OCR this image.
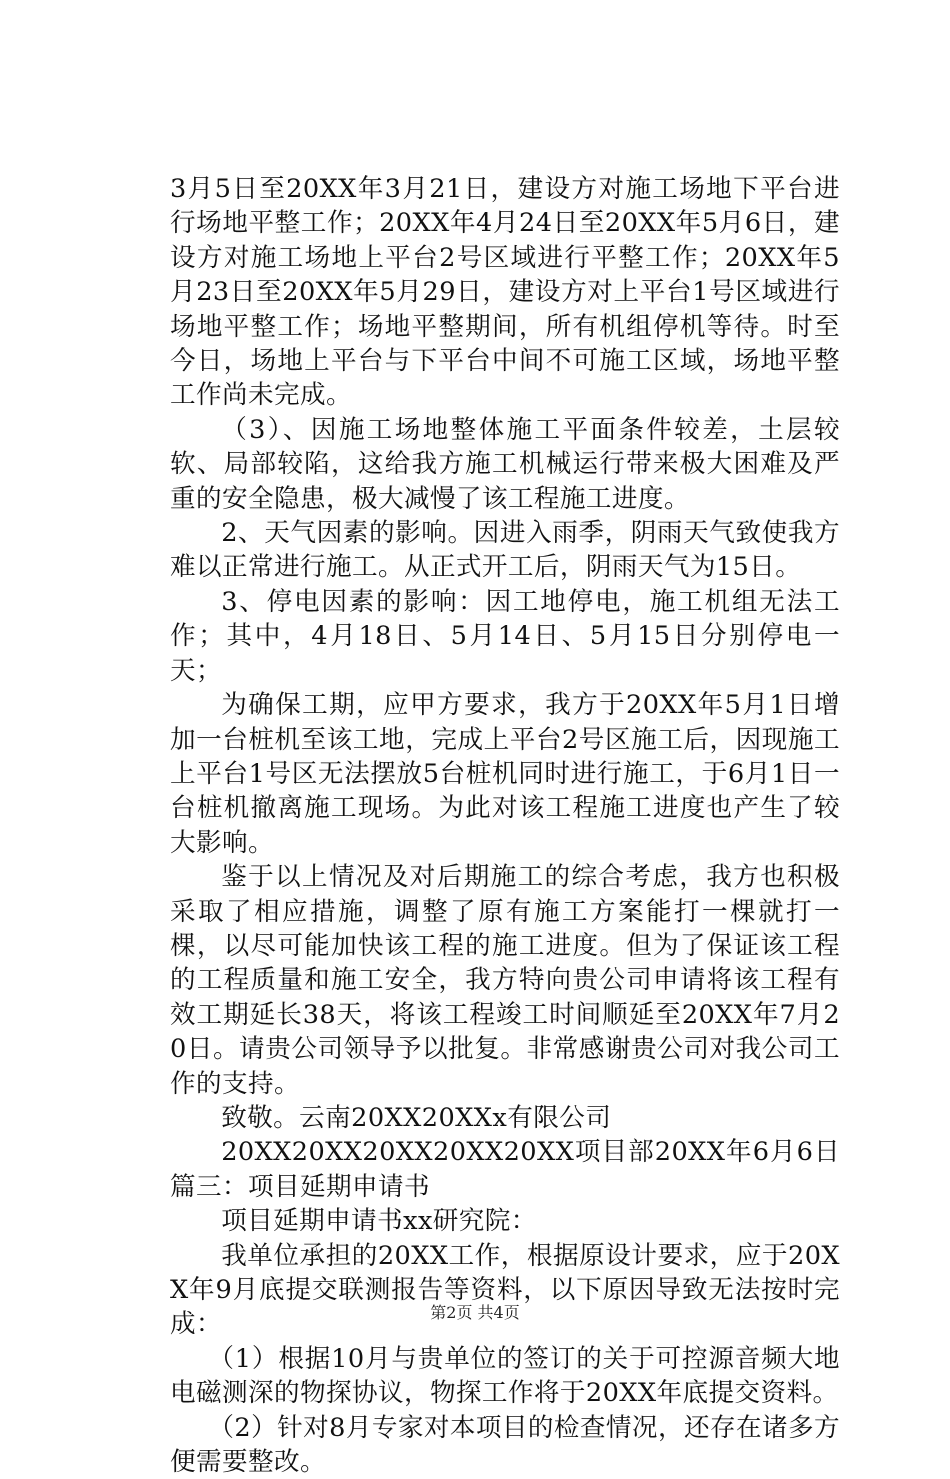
3月5日至20XX年3月21日，建设方对施工场地下平台进行场地平整工作；20XX年4月24日至20XX年5月6日，建设方对施工场地上平台2号区域进行平整工作；20XX年5月23日至20XX年5月29日，建设方对上平台1号区域进行场地平整工作；场地平整期间，所有机组停机等待。时至今日，场地上平台与下平台中间不可施工区域，场地平整工作尚未完成。

（3）、因施工场地整体施工平面条件较差，土层较软、局部较陷，这给我方施工机械运行带来极大困难及严重的安全隐患，极大减慢了该工程施工进度。

2、天气因素的影响。因进入雨季，阴雨天气致使我方难以正常进行施工。从正式开工后，阴雨天气为15日。

3、停电因素的影响：因工地停电，施工机组无法工作；其中，4月18日、5月14日、5月15日分别停电一天；

为确保工期，应甲方要求，我方于20XX年5月1日增加一台桩机至该工地，完成上平台2号区施工后，因现施工上平台1号区无法摆放5台桩机同时进行施工，于6月1日一台桩机撤离施工现场。为此对该工程施工进度也产生了较大影响。

鉴于以上情况及对后期施工的综合考虑，我方也积极采取了相应措施，调整了原有施工方案能打一棵就打一棵，以尽可能加快该工程的施工进度。但为了保证该工程的工程质量和施工安全，我方特向贵公司申请将该工程有效工期延长38天，将该工程竣工时间顺延至20XX年7月20日。请贵公司领导予以批复。非常感谢贵公司对我公司工作的支持。

致敬。云南20XX20XXx有限公司

20XX20XX20XX20XX20XX项目部20XX年6月6日篇三：项目延期申请书

项目延期申请书xx研究院：

我单位承担的20XX工作，根据原设计要求，应于20XX年9月底提交联测报告等资料，以下原因导致无法按时完成：

（1）根据10月与贵单位的签订的关于可控源音频大地电磁测深的物探协议，物探工作将于20XX年底提交资料。

（2）针对8月专家对本项目的检查情况，还存在诸多方便需要整改。

第2页 共4页
